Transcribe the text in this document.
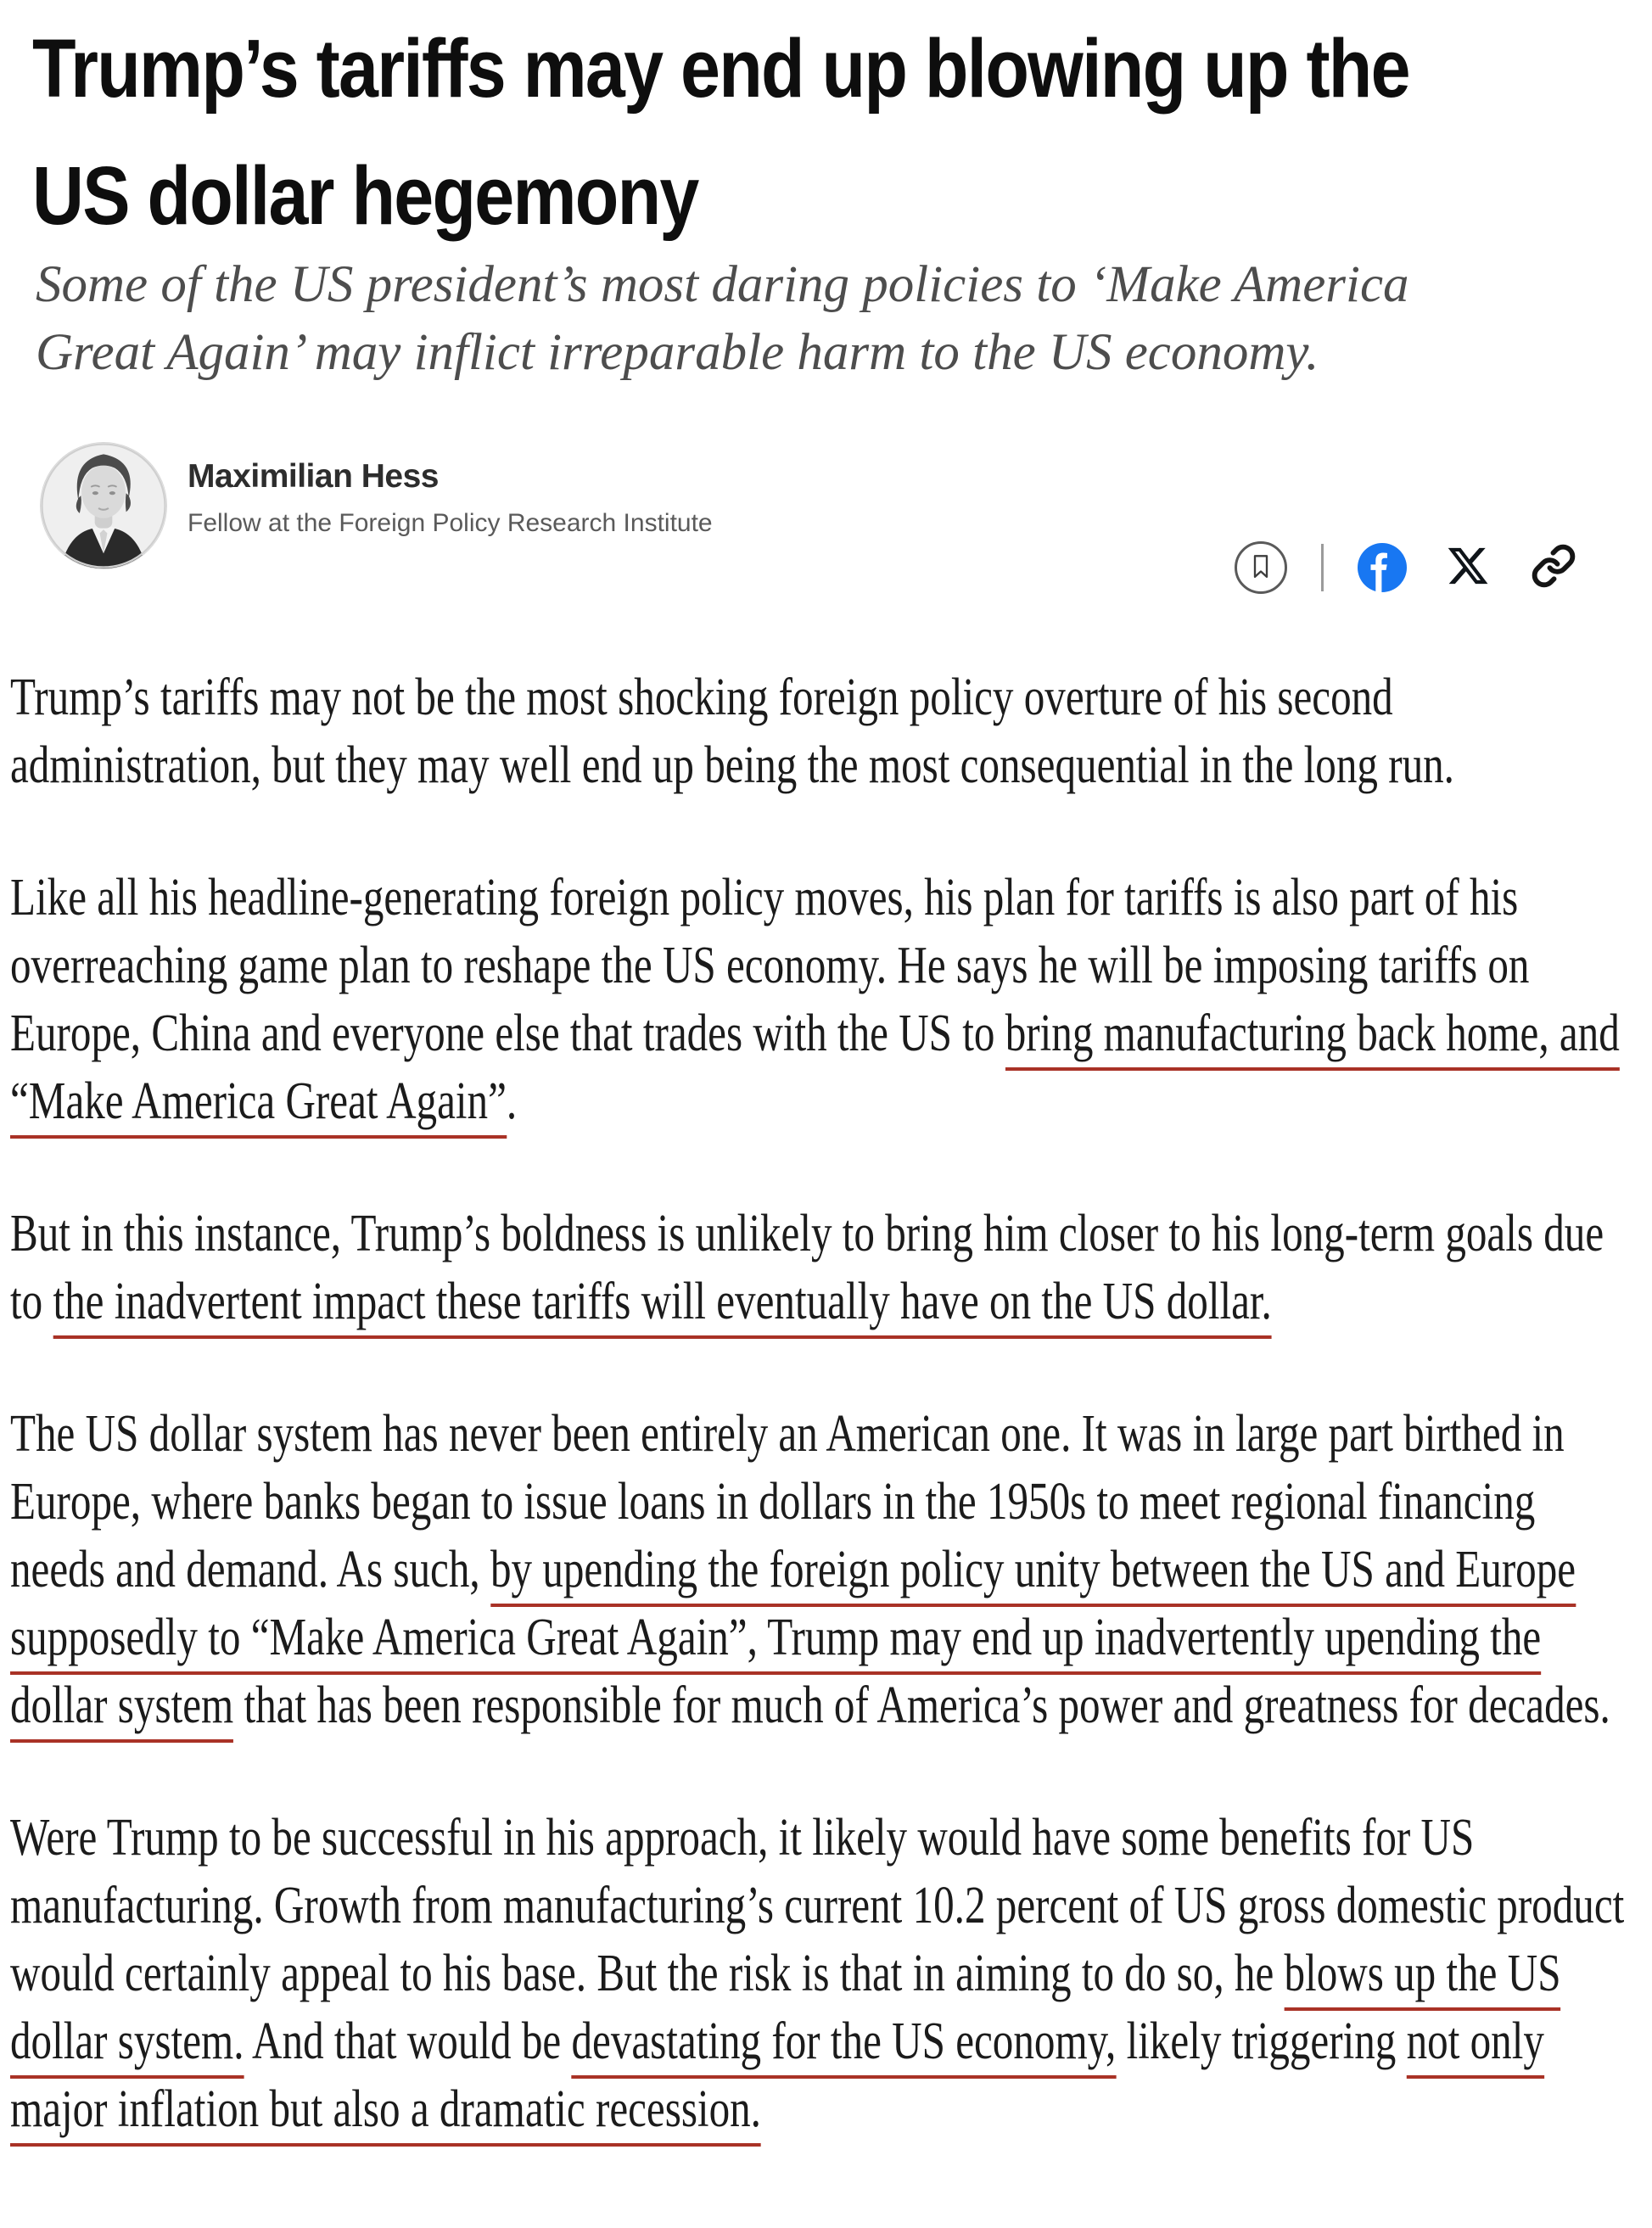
Trump’s tariffs may end up blowing up the
US dollar hegemony

Some of the US president’s most daring policies to ‘Make America
Great Again’ may inflict irreparable harm to the US economy.

Maximilian Hess
Fellow at the Foreign Policy Research Institute

Trump’s tariffs may not be the most shocking foreign policy overture of his second administration, but they may well end up being the most consequential in the long run.

Like all his headline-generating foreign policy moves, his plan for tariffs is also part of his overreaching game plan to reshape the US economy. He says he will be imposing tariffs on Europe, China and everyone else that trades with the US to bring manufacturing back home, and “Make America Great Again”.

But in this instance, Trump’s boldness is unlikely to bring him closer to his long-term goals due to the inadvertent impact these tariffs will eventually have on the US dollar.

The US dollar system has never been entirely an American one. It was in large part birthed in Europe, where banks began to issue loans in dollars in the 1950s to meet regional financing needs and demand. As such, by upending the foreign policy unity between the US and Europe supposedly to “Make America Great Again”, Trump may end up inadvertently upending the dollar system that has been responsible for much of America’s power and greatness for decades.

Were Trump to be successful in his approach, it likely would have some benefits for US manufacturing. Growth from manufacturing’s current 10.2 percent of US gross domestic product would certainly appeal to his base. But the risk is that in aiming to do so, he blows up the US dollar system. And that would be devastating for the US economy, likely triggering not only major inflation but also a dramatic recession.
